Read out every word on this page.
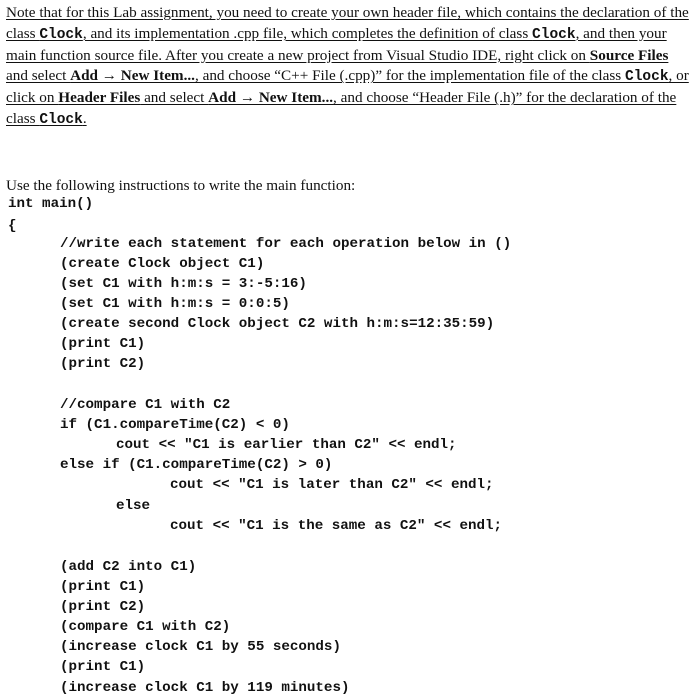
Note that for this Lab assignment, you need to create your own header file, which contains the declaration of the class Clock, and its implementation .cpp file, which completes the definition of class Clock, and then your main function source file. After you create a new project from Visual Studio IDE, right click on Source Files and select Add → New Item..., and choose “C++ File (.cpp)” for the implementation file of the class Clock, or click on Header Files and select Add → New Item..., and choose “Header File (.h)” for the declaration of the class Clock.

Use the following instructions to write the main function:
int main()
{
//write each statement for each operation below in ()
(create Clock object C1)
(set C1 with h:m:s = 3:-5:16)
(set C1 with h:m:s = 0:0:5)
(create second Clock object C2 with h:m:s=12:35:59)
(print C1)
(print C2)
//compare C1 with C2
if (C1.compareTime(C2) < 0)
cout << "C1 is earlier than C2" << endl;
else if (C1.compareTime(C2) > 0)
cout << "C1 is later than C2" << endl;
else
cout << "C1 is the same as C2" << endl;
(add C2 into C1)
(print C1)
(print C2)
(compare C1 with C2)
(increase clock C1 by 55 seconds)
(print C1)
(increase clock C1 by 119 minutes)
